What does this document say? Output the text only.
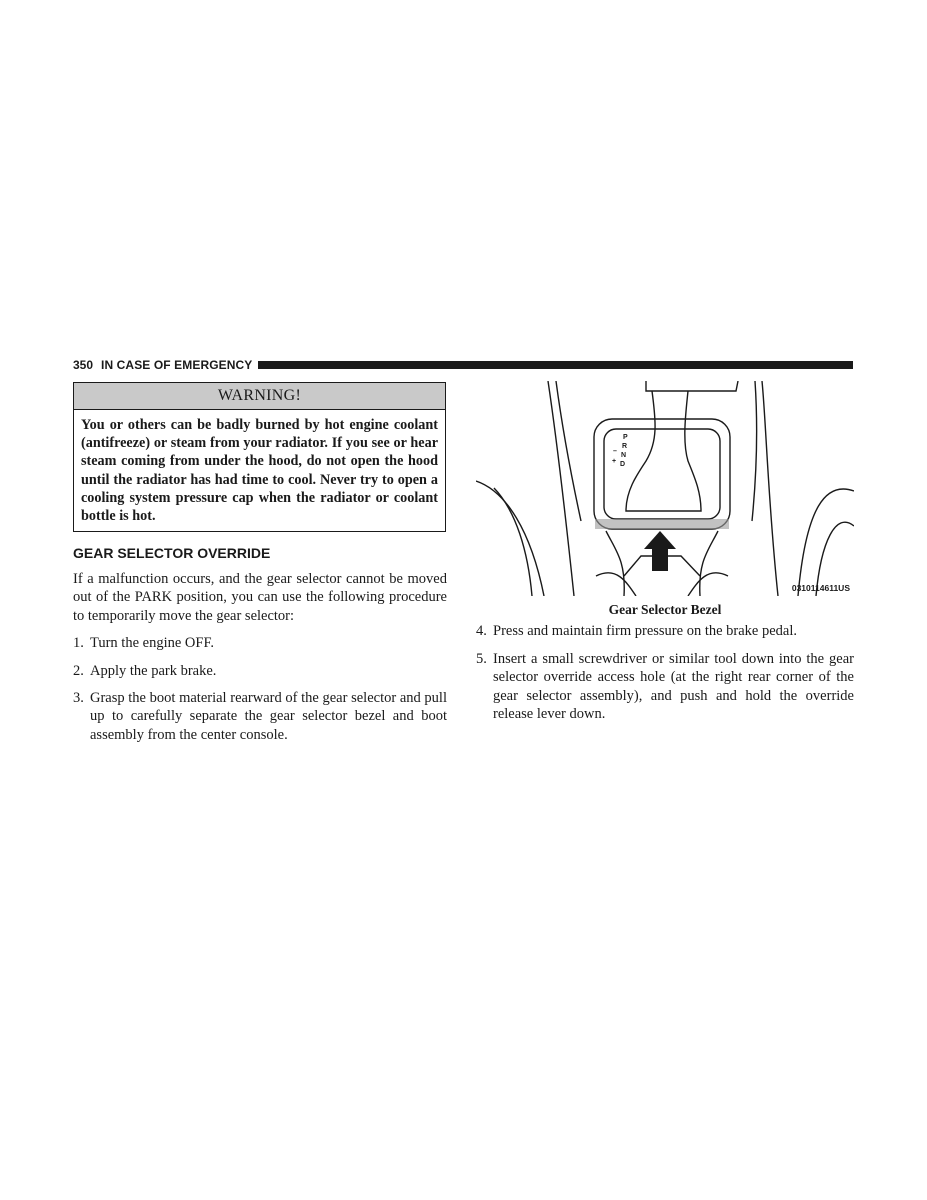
350 IN CASE OF EMERGENCY
WARNING!
You or others can be badly burned by hot engine coolant (antifreeze) or steam from your radiator. If you see or hear steam coming from under the hood, do not open the hood until the radiator has had time to cool. Never try to open a cooling system pressure cap when the radiator or coolant bottle is hot.
GEAR SELECTOR OVERRIDE
If a malfunction occurs, and the gear selector cannot be moved out of the PARK position, you can use the following procedure to temporarily move the gear selector:
1. Turn the engine OFF.
2. Apply the park brake.
3. Grasp the boot material rearward of the gear selector and pull up to carefully separate the gear selector bezel and boot assembly from the center console.
P
R
N
D
–
+
0310114611US
Gear Selector Bezel
4. Press and maintain firm pressure on the brake pedal.
5. Insert a small screwdriver or similar tool down into the gear selector override access hole (at the right rear corner of the gear selector assembly), and push and hold the override release lever down.
